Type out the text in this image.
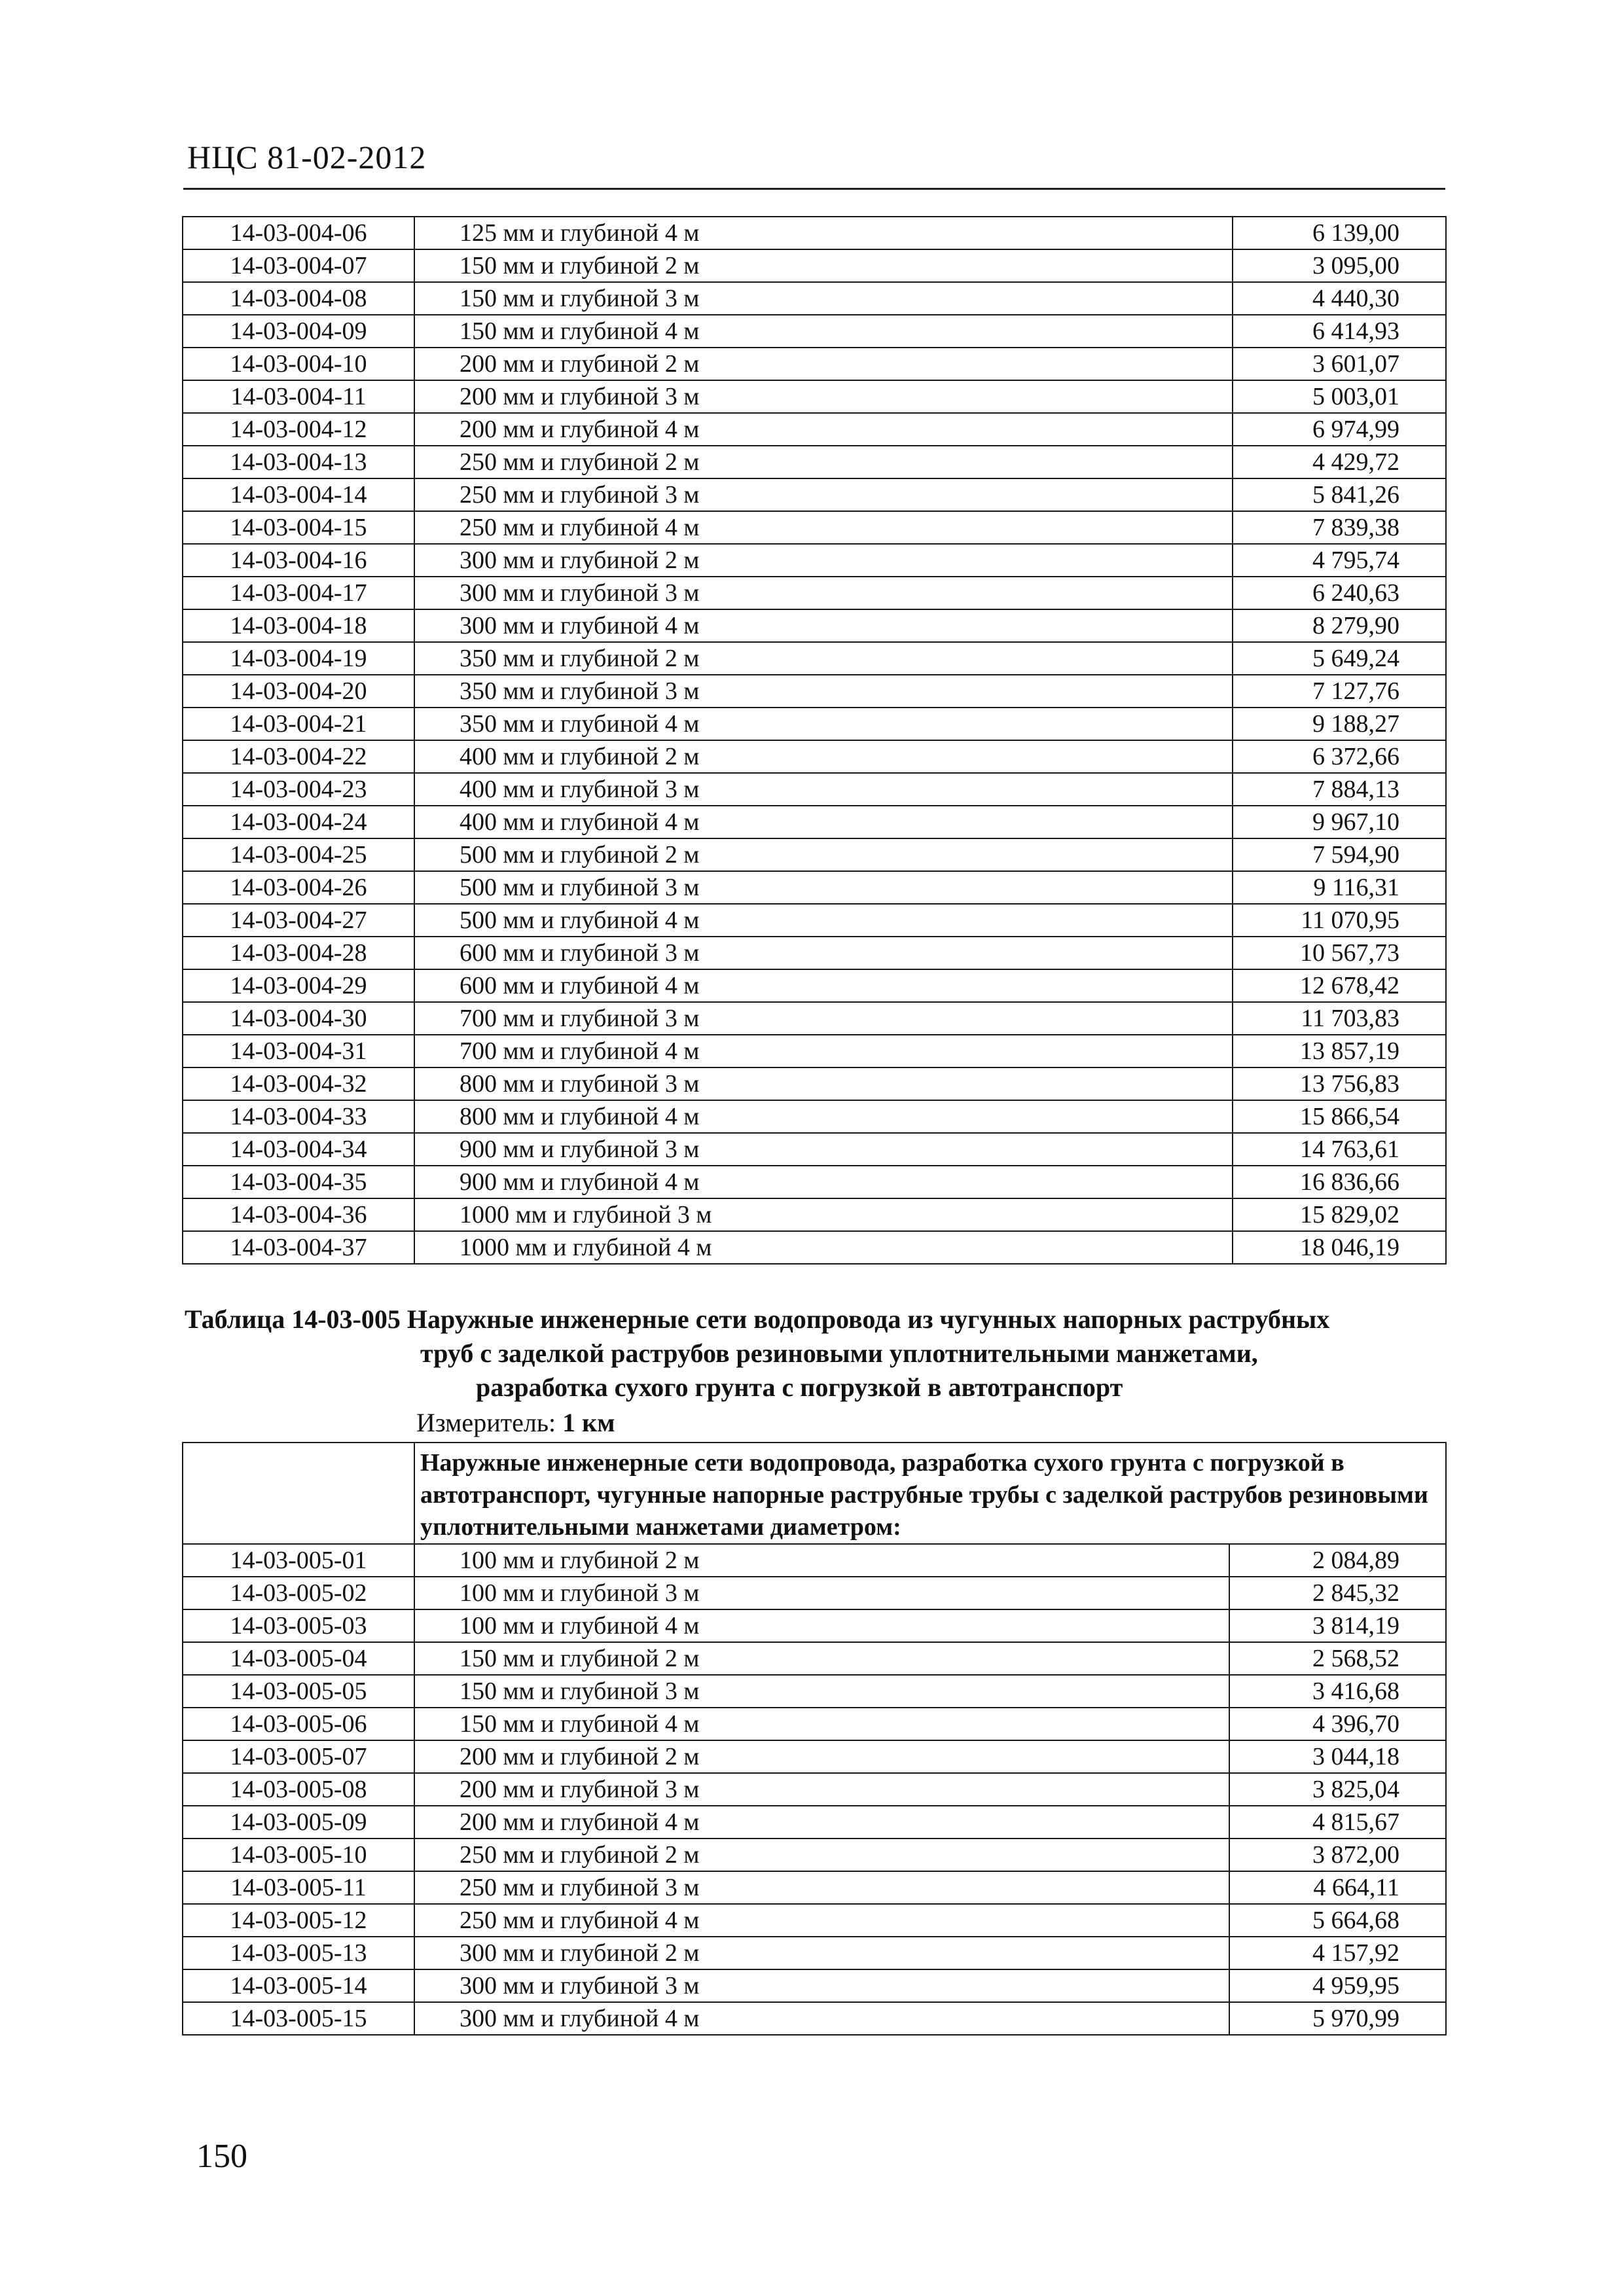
НЦС 81-02-2012
14-03-004-06	125 мм и глубиной 4 м	6 139,00
14-03-004-07	150 мм и глубиной 2 м	3 095,00
14-03-004-08	150 мм и глубиной 3 м	4 440,30
14-03-004-09	150 мм и глубиной 4 м	6 414,93
14-03-004-10	200 мм и глубиной 2 м	3 601,07
14-03-004-11	200 мм и глубиной 3 м	5 003,01
14-03-004-12	200 мм и глубиной 4 м	6 974,99
14-03-004-13	250 мм и глубиной 2 м	4 429,72
14-03-004-14	250 мм и глубиной 3 м	5 841,26
14-03-004-15	250 мм и глубиной 4 м	7 839,38
14-03-004-16	300 мм и глубиной 2 м	4 795,74
14-03-004-17	300 мм и глубиной 3 м	6 240,63
14-03-004-18	300 мм и глубиной 4 м	8 279,90
14-03-004-19	350 мм и глубиной 2 м	5 649,24
14-03-004-20	350 мм и глубиной 3 м	7 127,76
14-03-004-21	350 мм и глубиной 4 м	9 188,27
14-03-004-22	400 мм и глубиной 2 м	6 372,66
14-03-004-23	400 мм и глубиной 3 м	7 884,13
14-03-004-24	400 мм и глубиной 4 м	9 967,10
14-03-004-25	500 мм и глубиной 2 м	7 594,90
14-03-004-26	500 мм и глубиной 3 м	9 116,31
14-03-004-27	500 мм и глубиной 4 м	11 070,95
14-03-004-28	600 мм и глубиной 3 м	10 567,73
14-03-004-29	600 мм и глубиной 4 м	12 678,42
14-03-004-30	700 мм и глубиной 3 м	11 703,83
14-03-004-31	700 мм и глубиной 4 м	13 857,19
14-03-004-32	800 мм и глубиной 3 м	13 756,83
14-03-004-33	800 мм и глубиной 4 м	15 866,54
14-03-004-34	900 мм и глубиной 3 м	14 763,61
14-03-004-35	900 мм и глубиной 4 м	16 836,66
14-03-004-36	1000 мм и глубиной 3 м	15 829,02
14-03-004-37	1000 мм и глубиной 4 м	18 046,19
Таблица 14-03-005 Наружные инженерные сети водопровода из чугунных напорных раструбных
труб с заделкой раструбов резиновыми уплотнительными манжетами,
разработка сухого грунта с погрузкой в автотранспорт
Измеритель: 1 км
	Наружные инженерные сети водопровода, разработка сухого грунта с погрузкой в автотранспорт, чугунные напорные раструбные трубы с заделкой раструбов резиновыми уплотнительными манжетами диаметром:	
14-03-005-01	100 мм и глубиной 2 м	2 084,89
14-03-005-02	100 мм и глубиной 3 м	2 845,32
14-03-005-03	100 мм и глубиной 4 м	3 814,19
14-03-005-04	150 мм и глубиной 2 м	2 568,52
14-03-005-05	150 мм и глубиной 3 м	3 416,68
14-03-005-06	150 мм и глубиной 4 м	4 396,70
14-03-005-07	200 мм и глубиной 2 м	3 044,18
14-03-005-08	200 мм и глубиной 3 м	3 825,04
14-03-005-09	200 мм и глубиной 4 м	4 815,67
14-03-005-10	250 мм и глубиной 2 м	3 872,00
14-03-005-11	250 мм и глубиной 3 м	4 664,11
14-03-005-12	250 мм и глубиной 4 м	5 664,68
14-03-005-13	300 мм и глубиной 2 м	4 157,92
14-03-005-14	300 мм и глубиной 3 м	4 959,95
14-03-005-15	300 мм и глубиной 4 м	5 970,99
150
